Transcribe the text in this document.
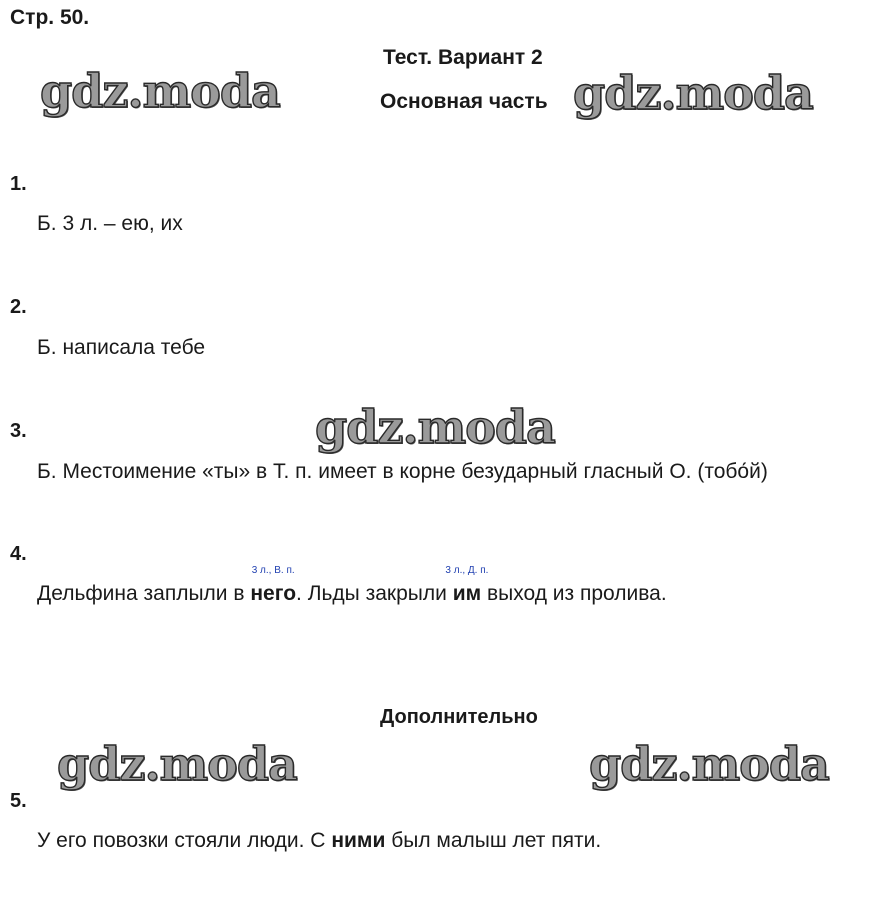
Стр. 50.
Тест. Вариант 2
Основная часть
gdz.moda	gdz.moda
gdz.moda
gdz.moda	gdz.moda
1.
Б. 3 л. – ею, их
2.
Б. написала тебе
3.
Б. Местоимение «ты» в Т. п. имеет в корне безударный гласный О. (тобо́й)
4.
Дельфина заплыли в
3 л., В. п.
него. Льды закрыли
3 л., Д. п.
им выход из пролива.
Дополнительно
5.
У его повозки стояли люди. С ними был малыш лет пяти.
